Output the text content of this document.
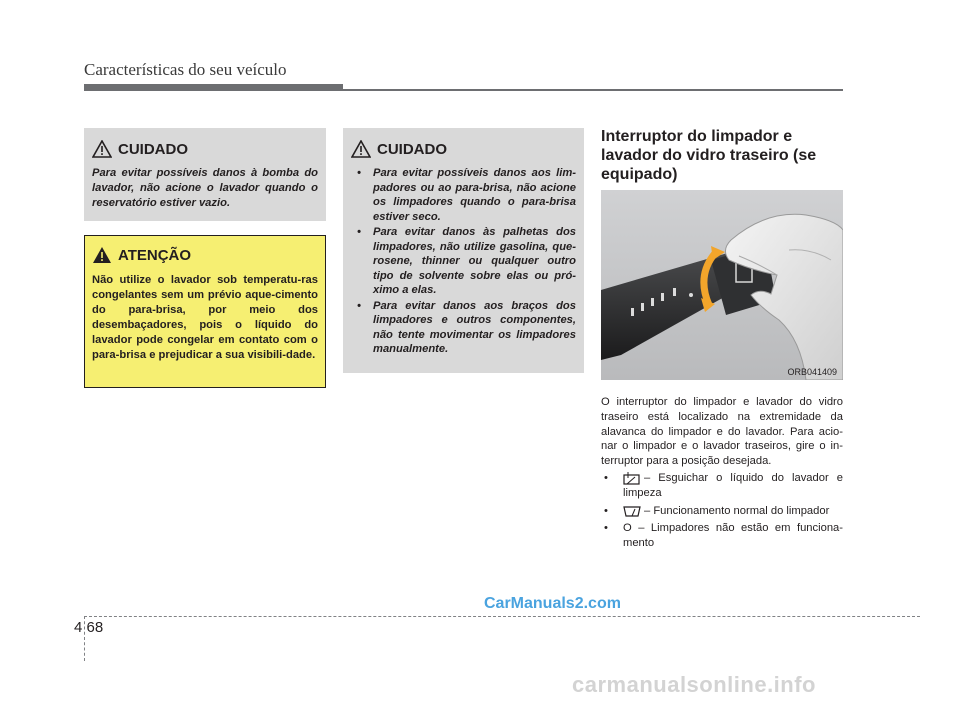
Características do seu veículo
CUIDADO
Para evitar possíveis danos à bomba do lavador, não acione o lavador quando o reservatório estiver vazio.
ATENÇÃO
Não utilize o lavador sob temperatu-ras congelantes sem um prévio aque-cimento do para-brisa, por meio dos desembaçadores, pois o líquido do lavador pode congelar em contato com o para-brisa e prejudicar a sua visibili-dade.
CUIDADO
• Para evitar possíveis danos aos lim-padores ou ao para-brisa, não acione os limpadores quando o para-brisa estiver seco.
• Para evitar danos às palhetas dos limpadores, não utilize gasolina, que-rosene, thinner ou qualquer outro tipo de solvente sobre elas ou pró-ximo a elas.
• Para evitar danos aos braços dos limpadores e outros componentes, não tente movimentar os limpadores manualmente.
Interruptor do limpador e lavador do vidro traseiro (se equipado)
ORB041409

O interruptor do limpador e lavador do vidro traseiro está localizado na extremidade da alavanca do limpador e do lavador. Para acio-nar o limpador e o lavador traseiros, gire o in-terruptor para a posição desejada.

•	– Esguichar o líquido do lavador e limpeza
•	– Funcionamento normal do limpador
• O – Limpadores não estão em funciona-mento
CarManuals2.com
4 68
carmanualsonline.info
